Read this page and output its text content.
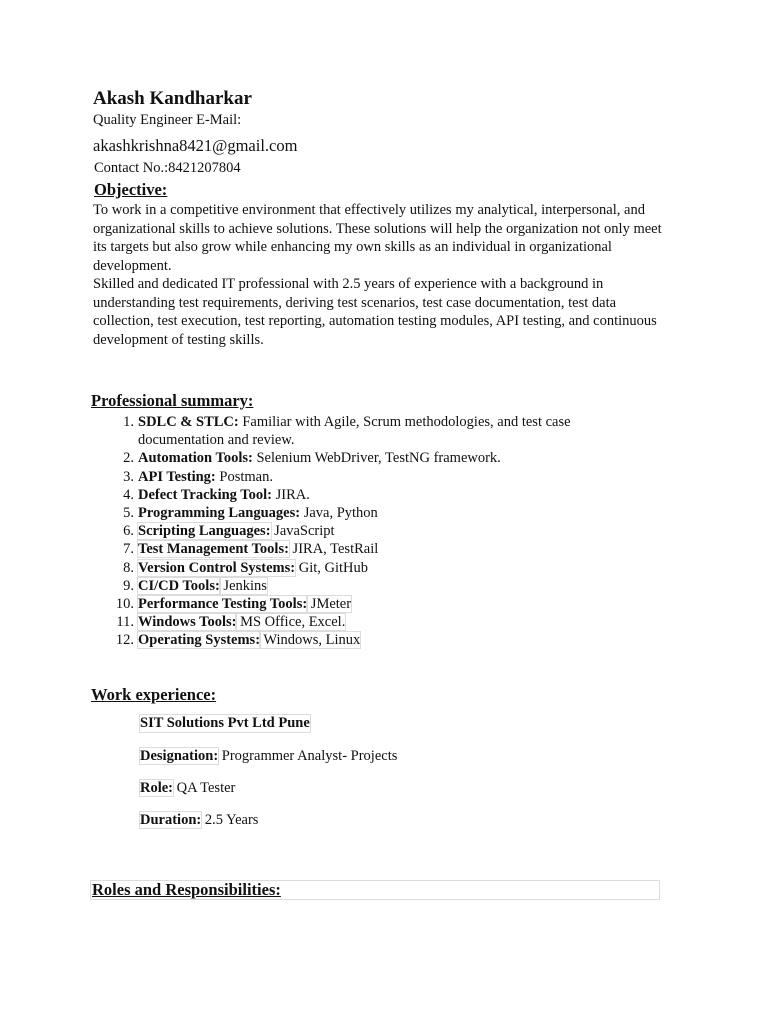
Akash Kandharkar
Quality Engineer E-Mail:
akashkrishna8421@gmail.com
Contact No.:8421207804
Objective:
To work in a competitive environment that effectively utilizes my analytical, interpersonal, and organizational skills to achieve solutions. These solutions will help the organization not only meet its targets but also grow while enhancing my own skills as an individual in organizational development.
Skilled and dedicated IT professional with 2.5 years of experience with a background in understanding test requirements, deriving test scenarios, test case documentation, test data collection, test execution, test reporting, automation testing modules, API testing, and continuous development of testing skills.
Professional summary:
1. SDLC & STLC: Familiar with Agile, Scrum methodologies, and test case documentation and review.
2. Automation Tools: Selenium WebDriver, TestNG framework.
3. API Testing: Postman.
4. Defect Tracking Tool: JIRA.
5. Programming Languages: Java, Python
6. Scripting Languages: JavaScript
7. Test Management Tools: JIRA, TestRail
8. Version Control Systems: Git, GitHub
9. CI/CD Tools: Jenkins
10. Performance Testing Tools: JMeter
11. Windows Tools: MS Office, Excel.
12. Operating Systems: Windows, Linux
Work experience:
SIT Solutions Pvt Ltd Pune
Designation: Programmer Analyst- Projects
Role: QA Tester
Duration: 2.5 Years
Roles and Responsibilities:
